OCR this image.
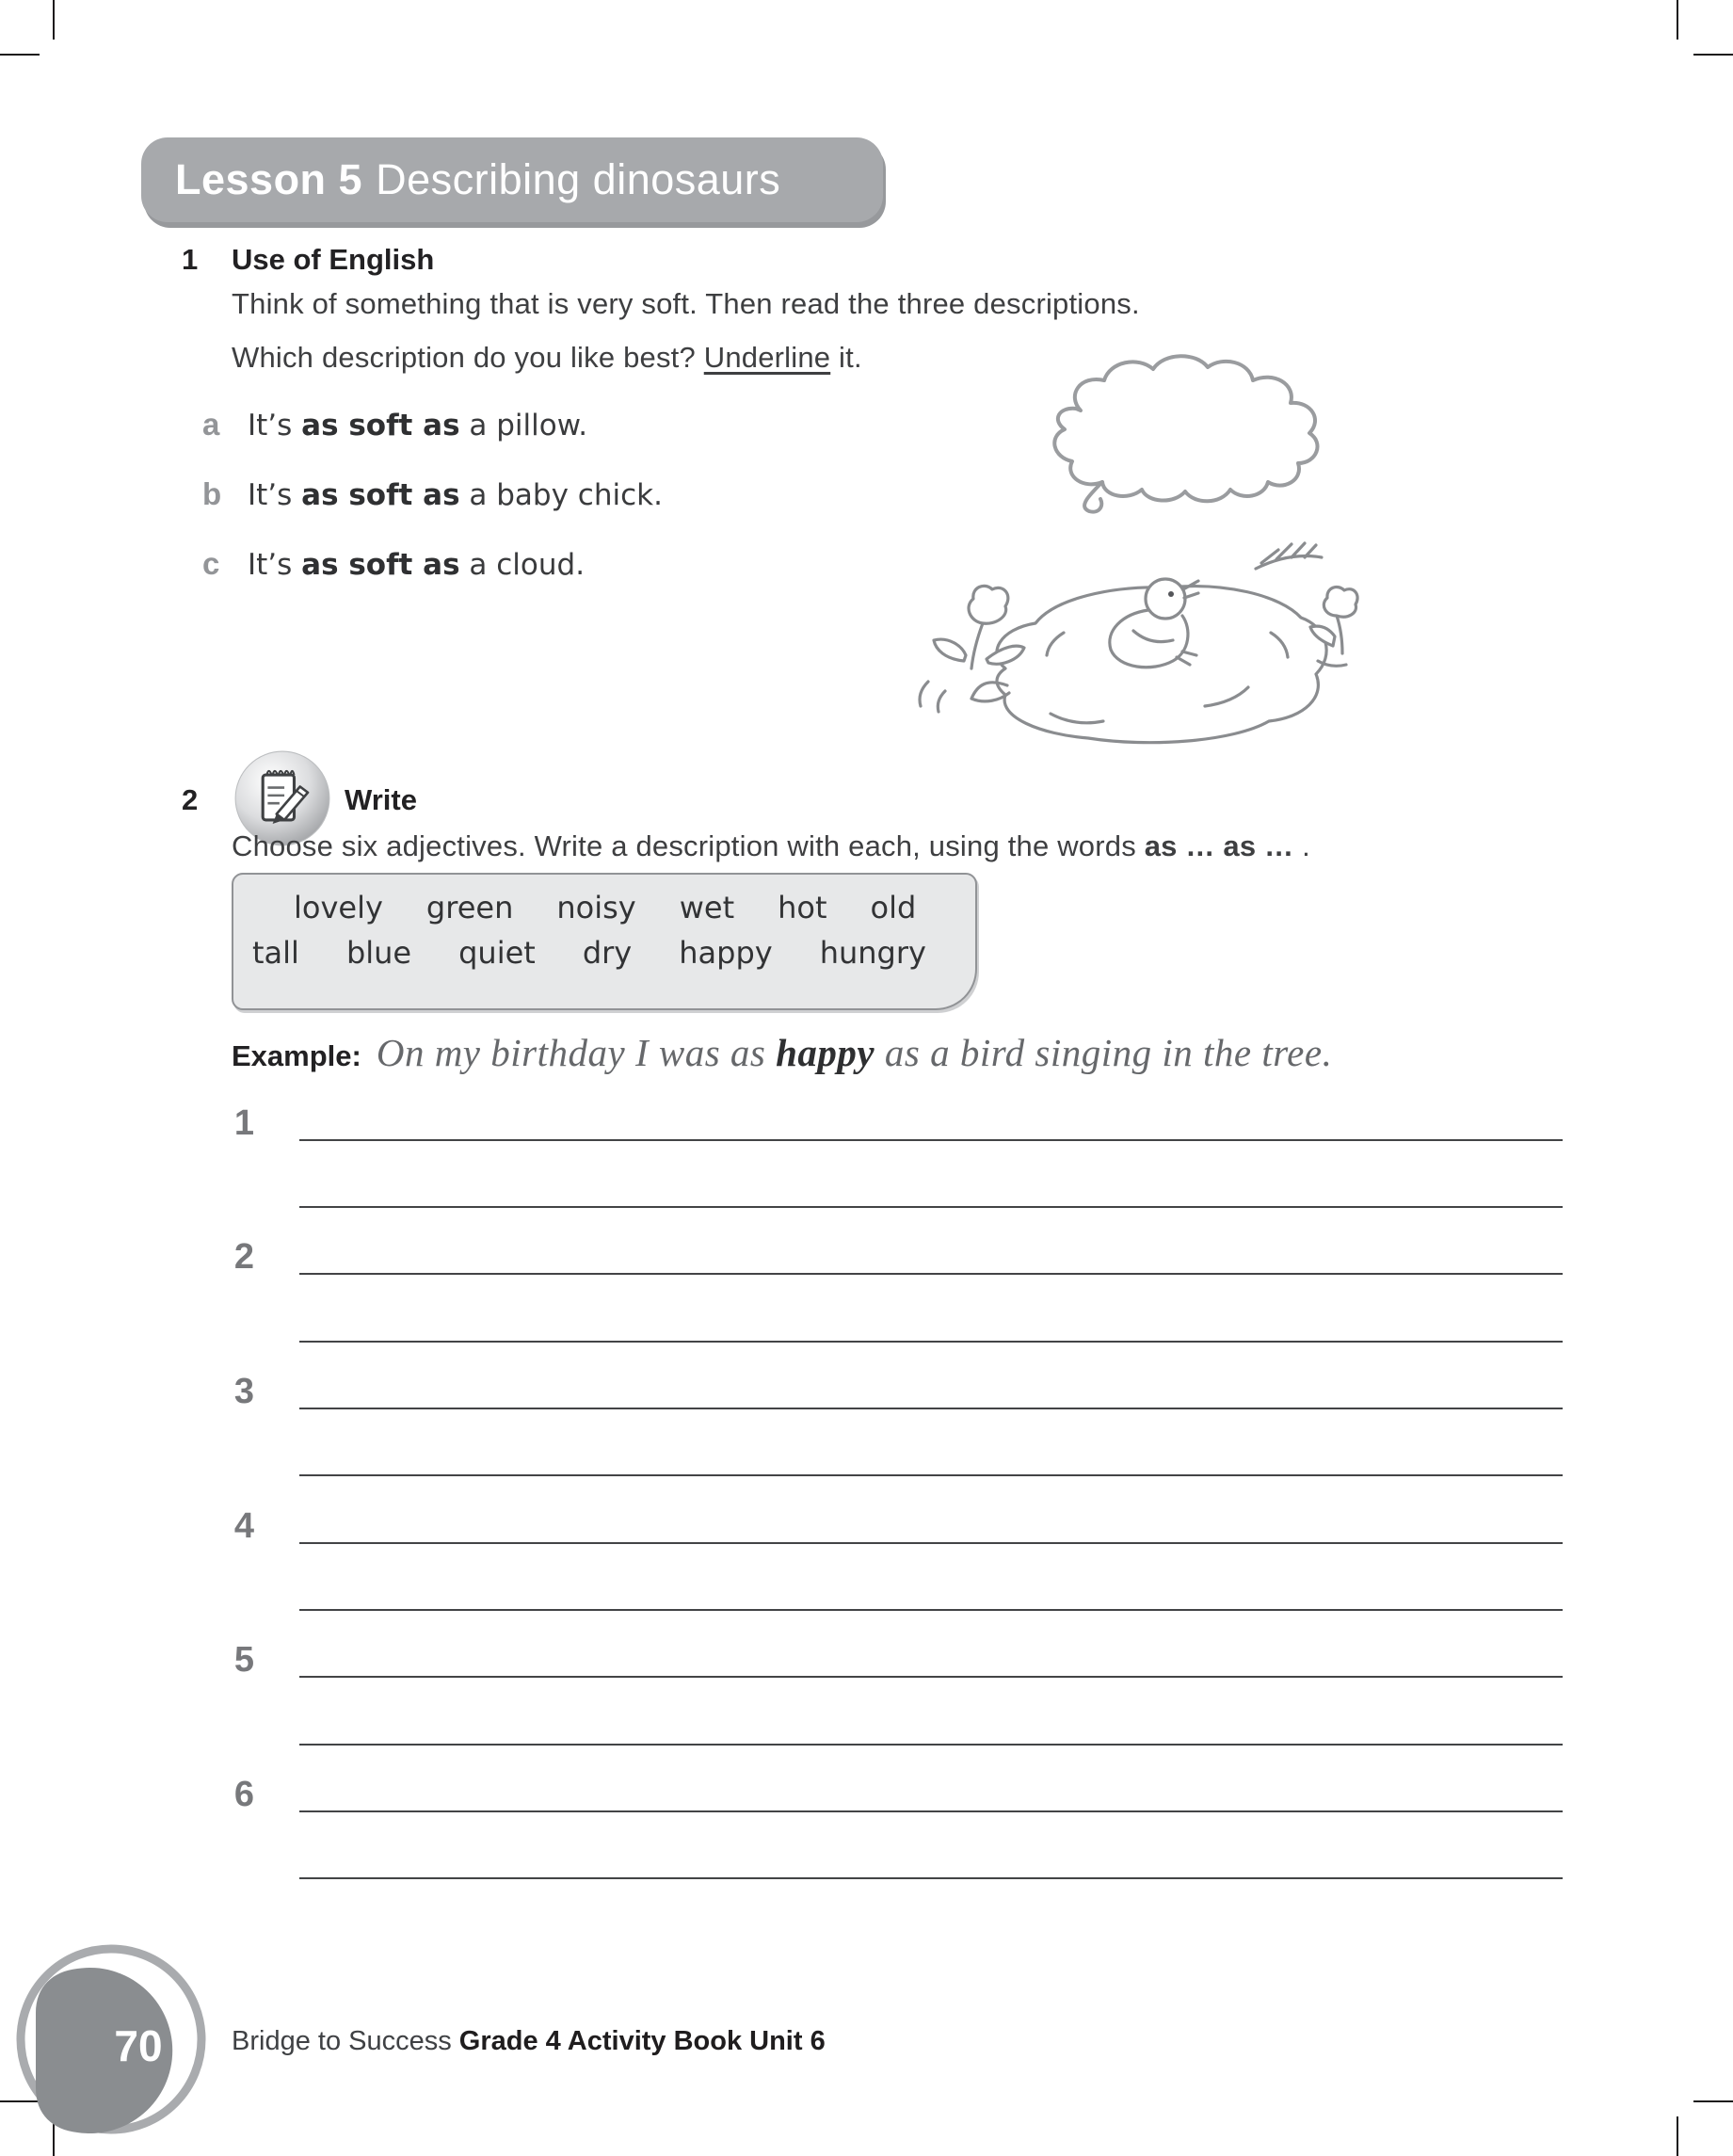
Lesson 5 Describing dinosaurs
1 Use of English
Think of something that is very soft. Then read the three descriptions.
Which description do you like best? Underline it.
a It’s as soft as a pillow.
b It’s as soft as a baby chick.
c It’s as soft as a cloud.
2	Write
Choose six adjectives. Write a description with each, using the words as … as … .
lovely green noisy wet hot old
tall blue quiet dry happy hungry
Example: On my birthday I was as happy as a bird singing in the tree.
1
2
3
4
5
6
70	Bridge to Success Grade 4 Activity Book Unit 6
